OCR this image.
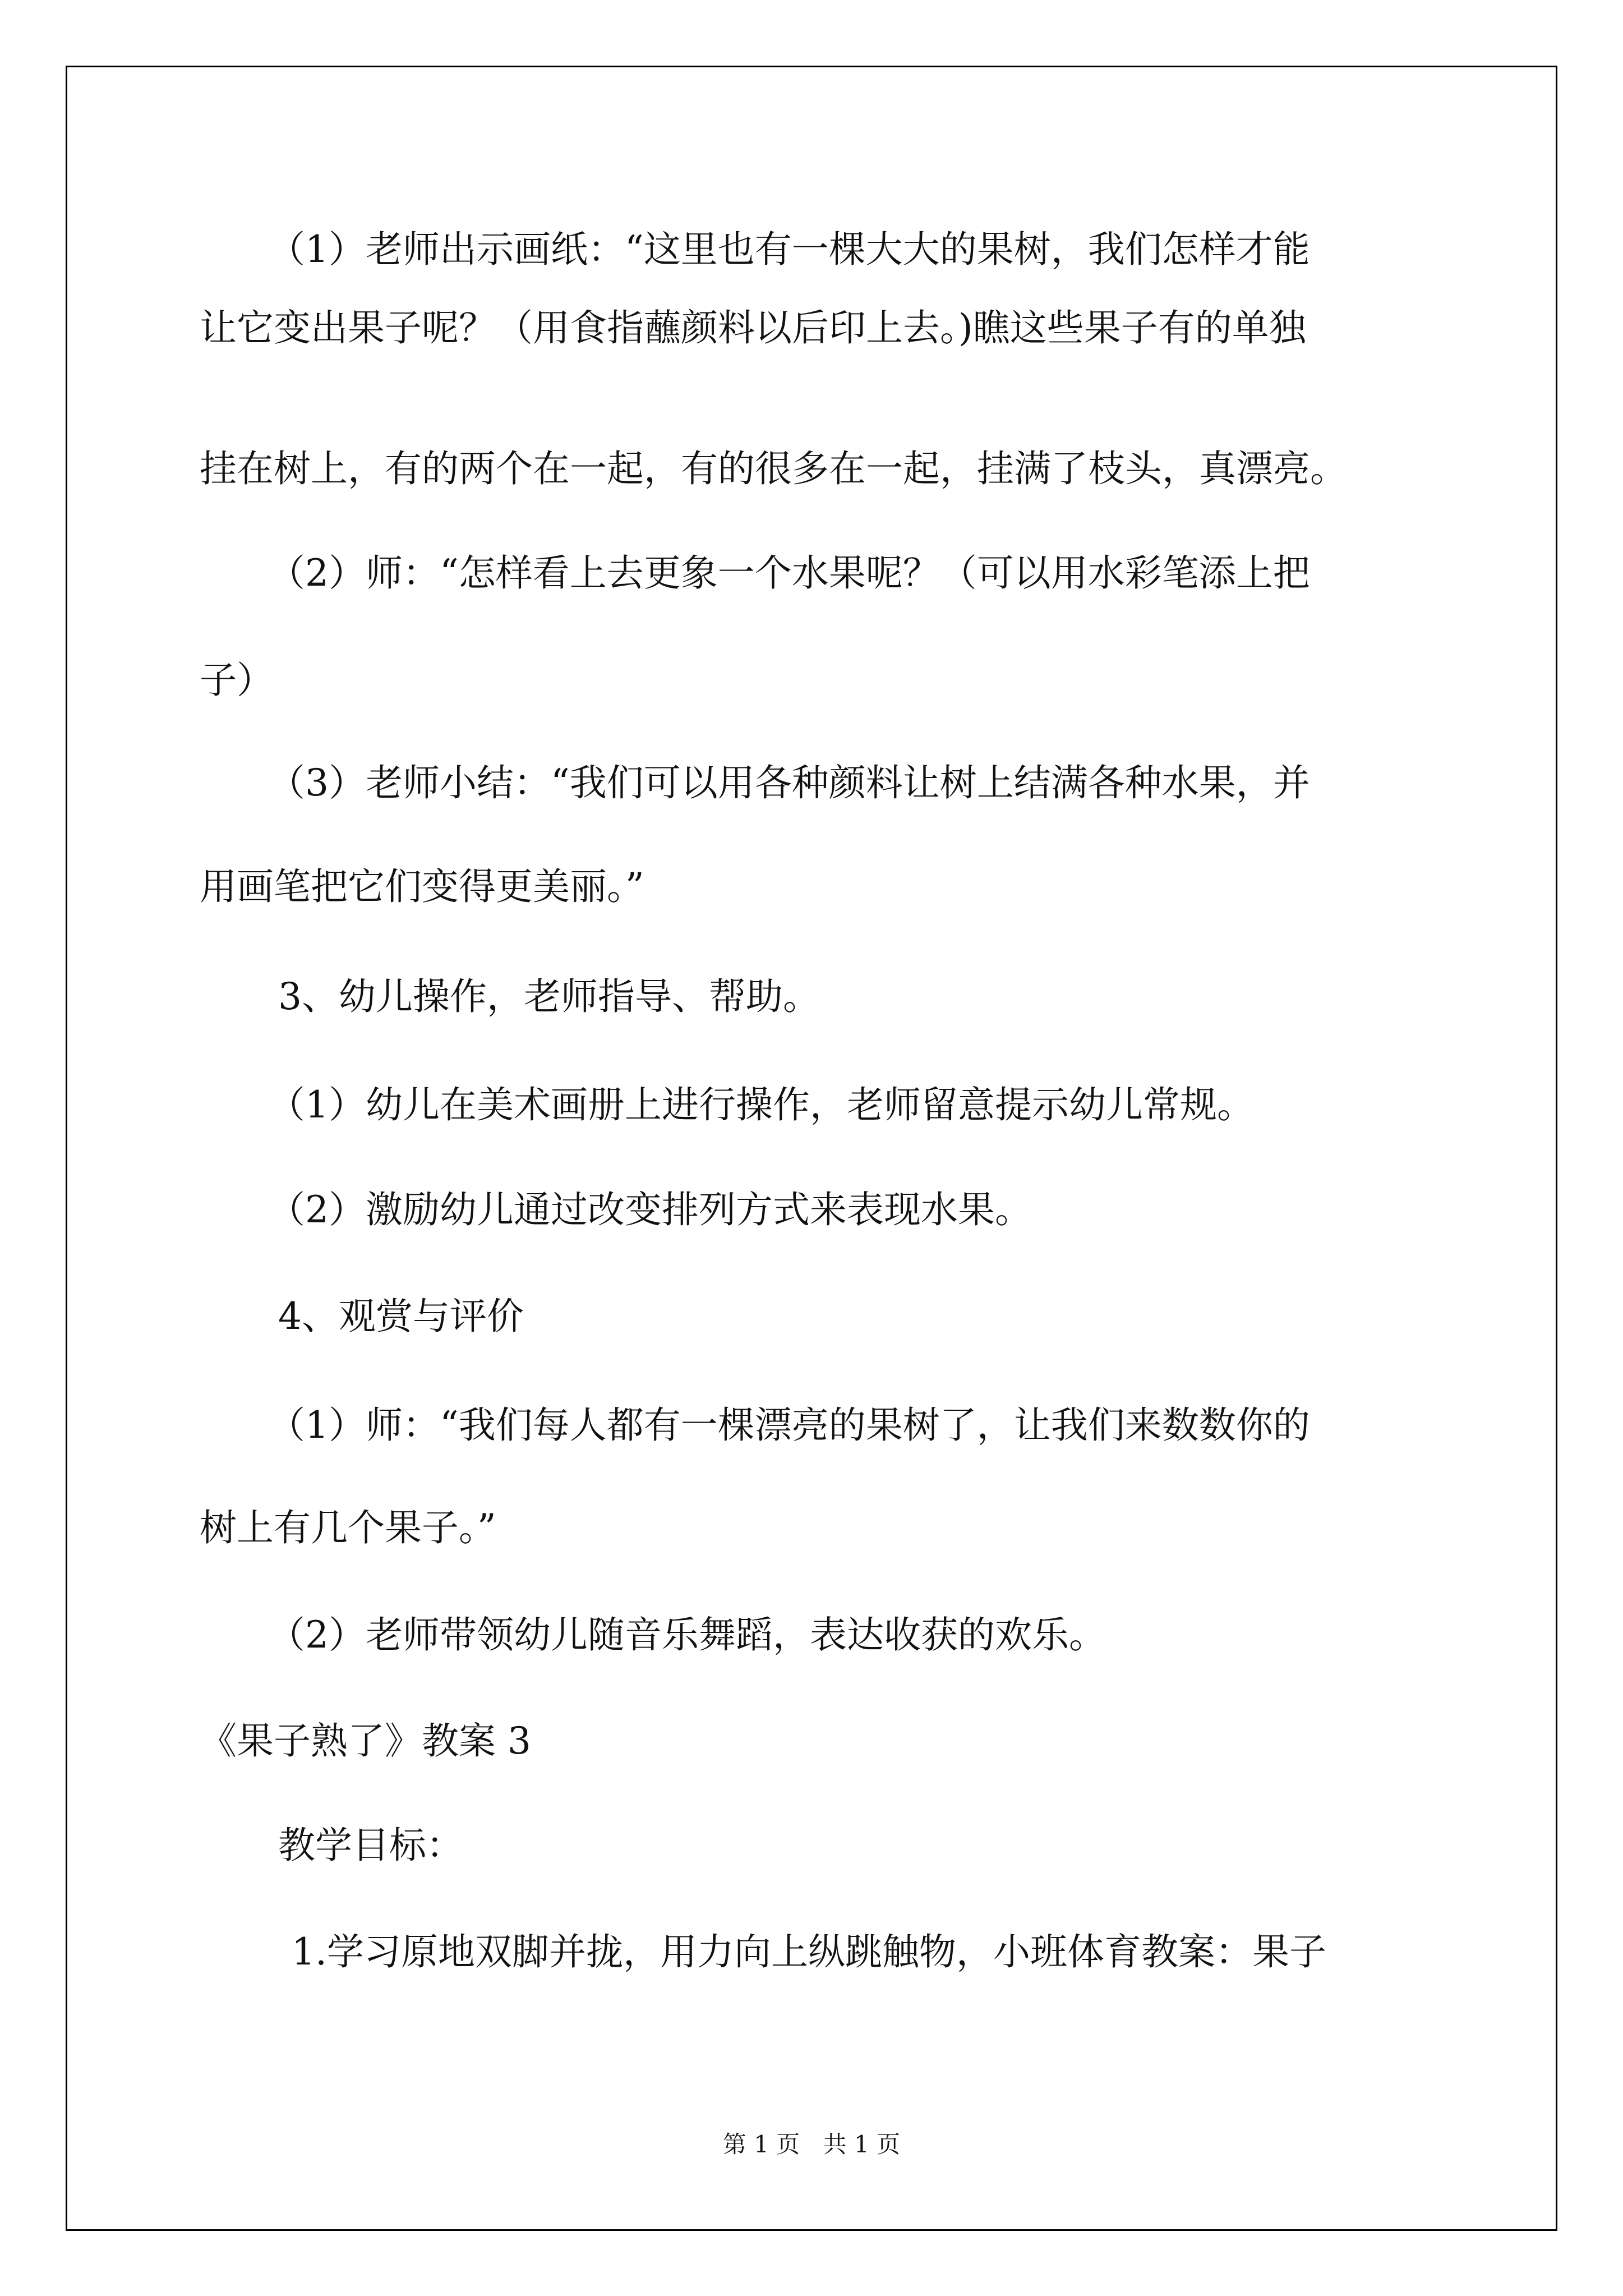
（1）老师出示画纸：“这里也有一棵大大的果树，我们怎样才能
让它变出果子呢？（用食指蘸颜料以后印上去。)瞧这些果子有的单独
挂在树上，有的两个在一起，有的很多在一起，挂满了枝头，真漂亮。
（2）师：“怎样看上去更象一个水果呢？（可以用水彩笔添上把
子）
（3）老师小结：“我们可以用各种颜料让树上结满各种水果，并
用画笔把它们变得更美丽。”
3、幼儿操作，老师指导、帮助。
（1）幼儿在美术画册上进行操作，老师留意提示幼儿常规。
（2）激励幼儿通过改变排列方式来表现水果。
4、观赏与评价
（1）师：“我们每人都有一棵漂亮的果树了，让我们来数数你的
树上有几个果子。”
（2）老师带领幼儿随音乐舞蹈，表达收获的欢乐。
《果子熟了》教案 3
教学目标：
1.学习原地双脚并拢，用力向上纵跳触物，小班体育教案：果子
第 1 页 共 1 页
